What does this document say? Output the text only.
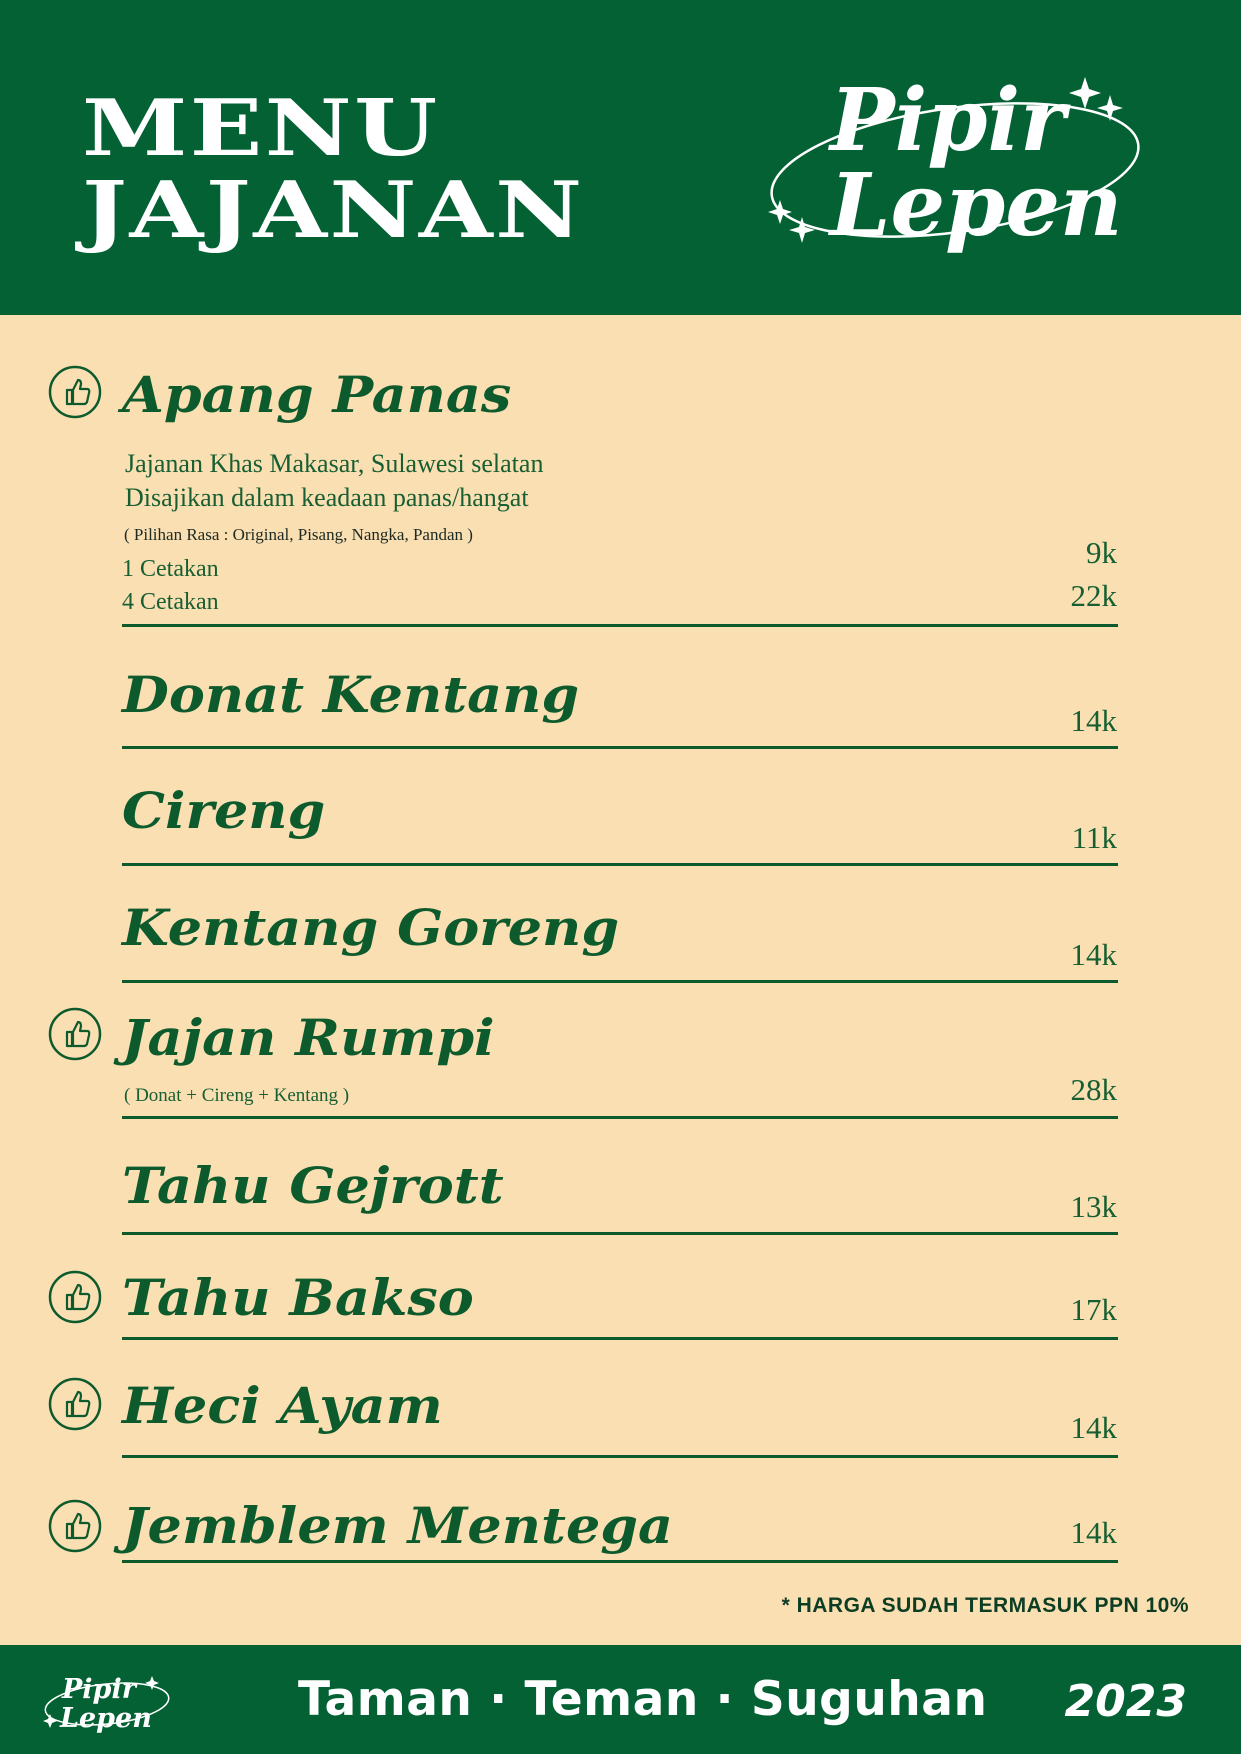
MENU
JAJANAN
Pipir
Lepen
Apang Panas
Jajanan Khas Makasar, Sulawesi selatan
Disajikan dalam keadaan panas/hangat
( Pilihan Rasa : Original, Pisang, Nangka, Pandan )
1 Cetakan	9k
4 Cetakan	22k
Donat Kentang	14k
Cireng	11k
Kentang Goreng	14k
Jajan Rumpi
( Donat + Cireng + Kentang )	28k
Tahu Gejrott	13k
Tahu Bakso	17k
Heci Ayam	14k
Jemblem Mentega	14k
* HARGA SUDAH TERMASUK PPN 10%
Pipir
Lepen	Taman · Teman · Suguhan 2023
